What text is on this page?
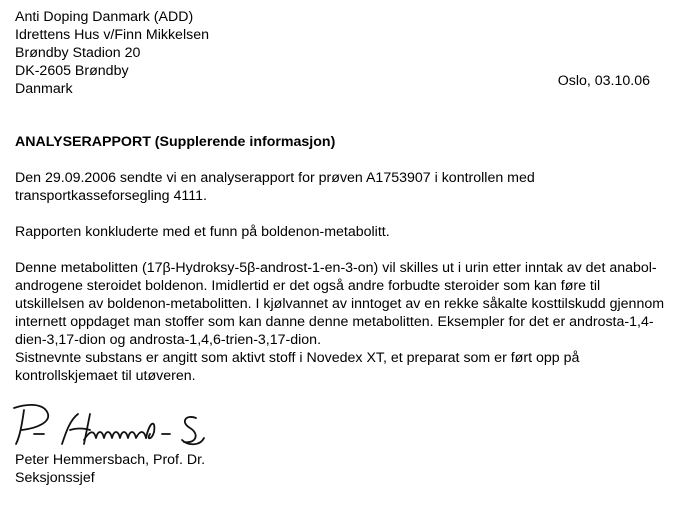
Anti Doping Danmark (ADD)
Idrettens Hus v/Finn Mikkelsen
Brøndby Stadion 20
DK-2605 Brøndby
Danmark
ANALYSERAPPORT (Supplerende informasjon)
Den 29.09.2006 sendte vi en analyserapport for prøven A1753907 i kontrollen med
transportkasseforsegling 4111.
Rapporten konkluderte med et funn på boldenon-metabolitt.
Denne metabolitten (17β-Hydroksy-5β-androst-1-en-3-on) vil skilles ut i urin etter inntak av det anabol-
androgene steroidet boldenon. Imidlertid er det også andre forbudte steroider som kan føre til
utskillelsen av boldenon-metabolitten. I kjølvannet av inntoget av en rekke såkalte kosttilskudd gjennom
internett oppdaget man stoffer som kan danne denne metabolitten. Eksempler for det er androsta-1,4-
dien-3,17-dion og androsta-1,4,6-trien-3,17-dion.
Sistnevnte substans er angitt som aktivt stoff i Novedex XT, et preparat som er ført opp på
kontrollskjemaet til utøveren.
Oslo, 03.10.06
Peter Hemmersbach, Prof. Dr.
Seksjonssjef
